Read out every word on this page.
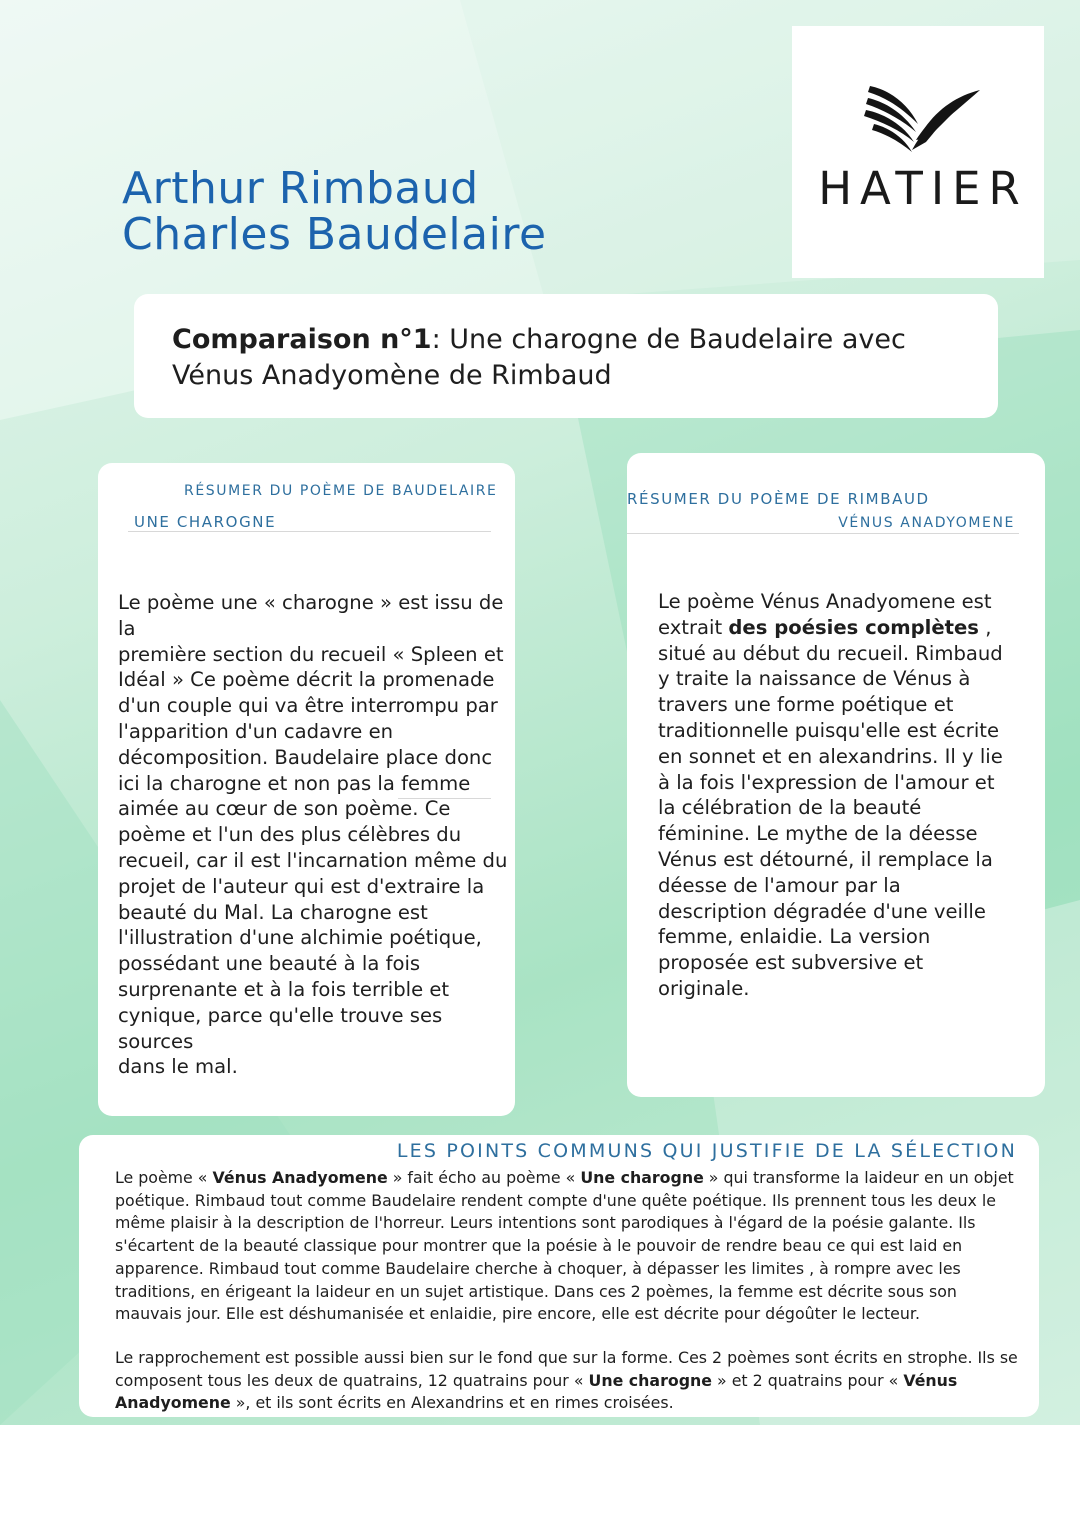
Arthur Rimbaud
Charles Baudelaire
HATIER

Comparaison n°1: Une charogne de Baudelaire avec Vénus Anadyomène de Rimbaud

RÉSUMER DU POÈME DE BAUDELAIRE
UNE CHAROGNE
Le poème une « charogne » est issu de la
première section du recueil « Spleen et
Idéal » Ce poème décrit la promenade
d'un couple qui va être interrompu par
l'apparition d'un cadavre en
décomposition. Baudelaire place donc
ici la charogne et non pas la femme
aimée au cœur de son poème. Ce
poème et l'un des plus célèbres du
recueil, car il est l'incarnation même du
projet de l'auteur qui est d'extraire la
beauté du Mal. La charogne est
l'illustration d'une alchimie poétique,
possédant une beauté à la fois
surprenante et à la fois terrible et
cynique, parce qu'elle trouve ses sources
dans le mal.
RÉSUMER DU POÈME DE RIMBAUD
VÉNUS ANADYOMENE
Le poème Vénus Anadyomene est
extrait des poésies complètes ,
situé au début du recueil. Rimbaud
y traite la naissance de Vénus à
travers une forme poétique et
traditionnelle puisqu'elle est écrite
en sonnet et en alexandrins. Il y lie
à la fois l'expression de l'amour et
la célébration de la beauté
féminine. Le mythe de la déesse
Vénus est détourné, il remplace la
déesse de l'amour par la
description dégradée d'une veille
femme, enlaidie. La version
proposée est subversive et
originale.
LES POINTS COMMUNS QUI JUSTIFIE DE LA SÉLECTION

Le poème « Vénus Anadyomene » fait écho au poème « Une charogne » qui transforme la laideur en un objet poétique. Rimbaud tout comme Baudelaire rendent compte d'une quête poétique. Ils prennent tous les deux le même plaisir à la description de l'horreur. Leurs intentions sont parodiques à l'égard de la poésie galante. Ils s'écartent de la beauté classique pour montrer que la poésie à le pouvoir de rendre beau ce qui est laid en apparence. Rimbaud tout comme Baudelaire cherche à choquer, à dépasser les limites , à rompre avec les traditions, en érigeant la laideur en un sujet artistique. Dans ces 2 poèmes, la femme est décrite sous son mauvais jour. Elle est déshumanisée et enlaidie, pire encore, elle est décrite pour dégoûter le lecteur.

Le rapprochement est possible aussi bien sur le fond que sur la forme. Ces 2 poèmes sont écrits en strophe. Ils se composent tous les deux de quatrains, 12 quatrains pour « Une charogne » et 2 quatrains pour « Vénus Anadyomene », et ils sont écrits en Alexandrins et en rimes croisées.
